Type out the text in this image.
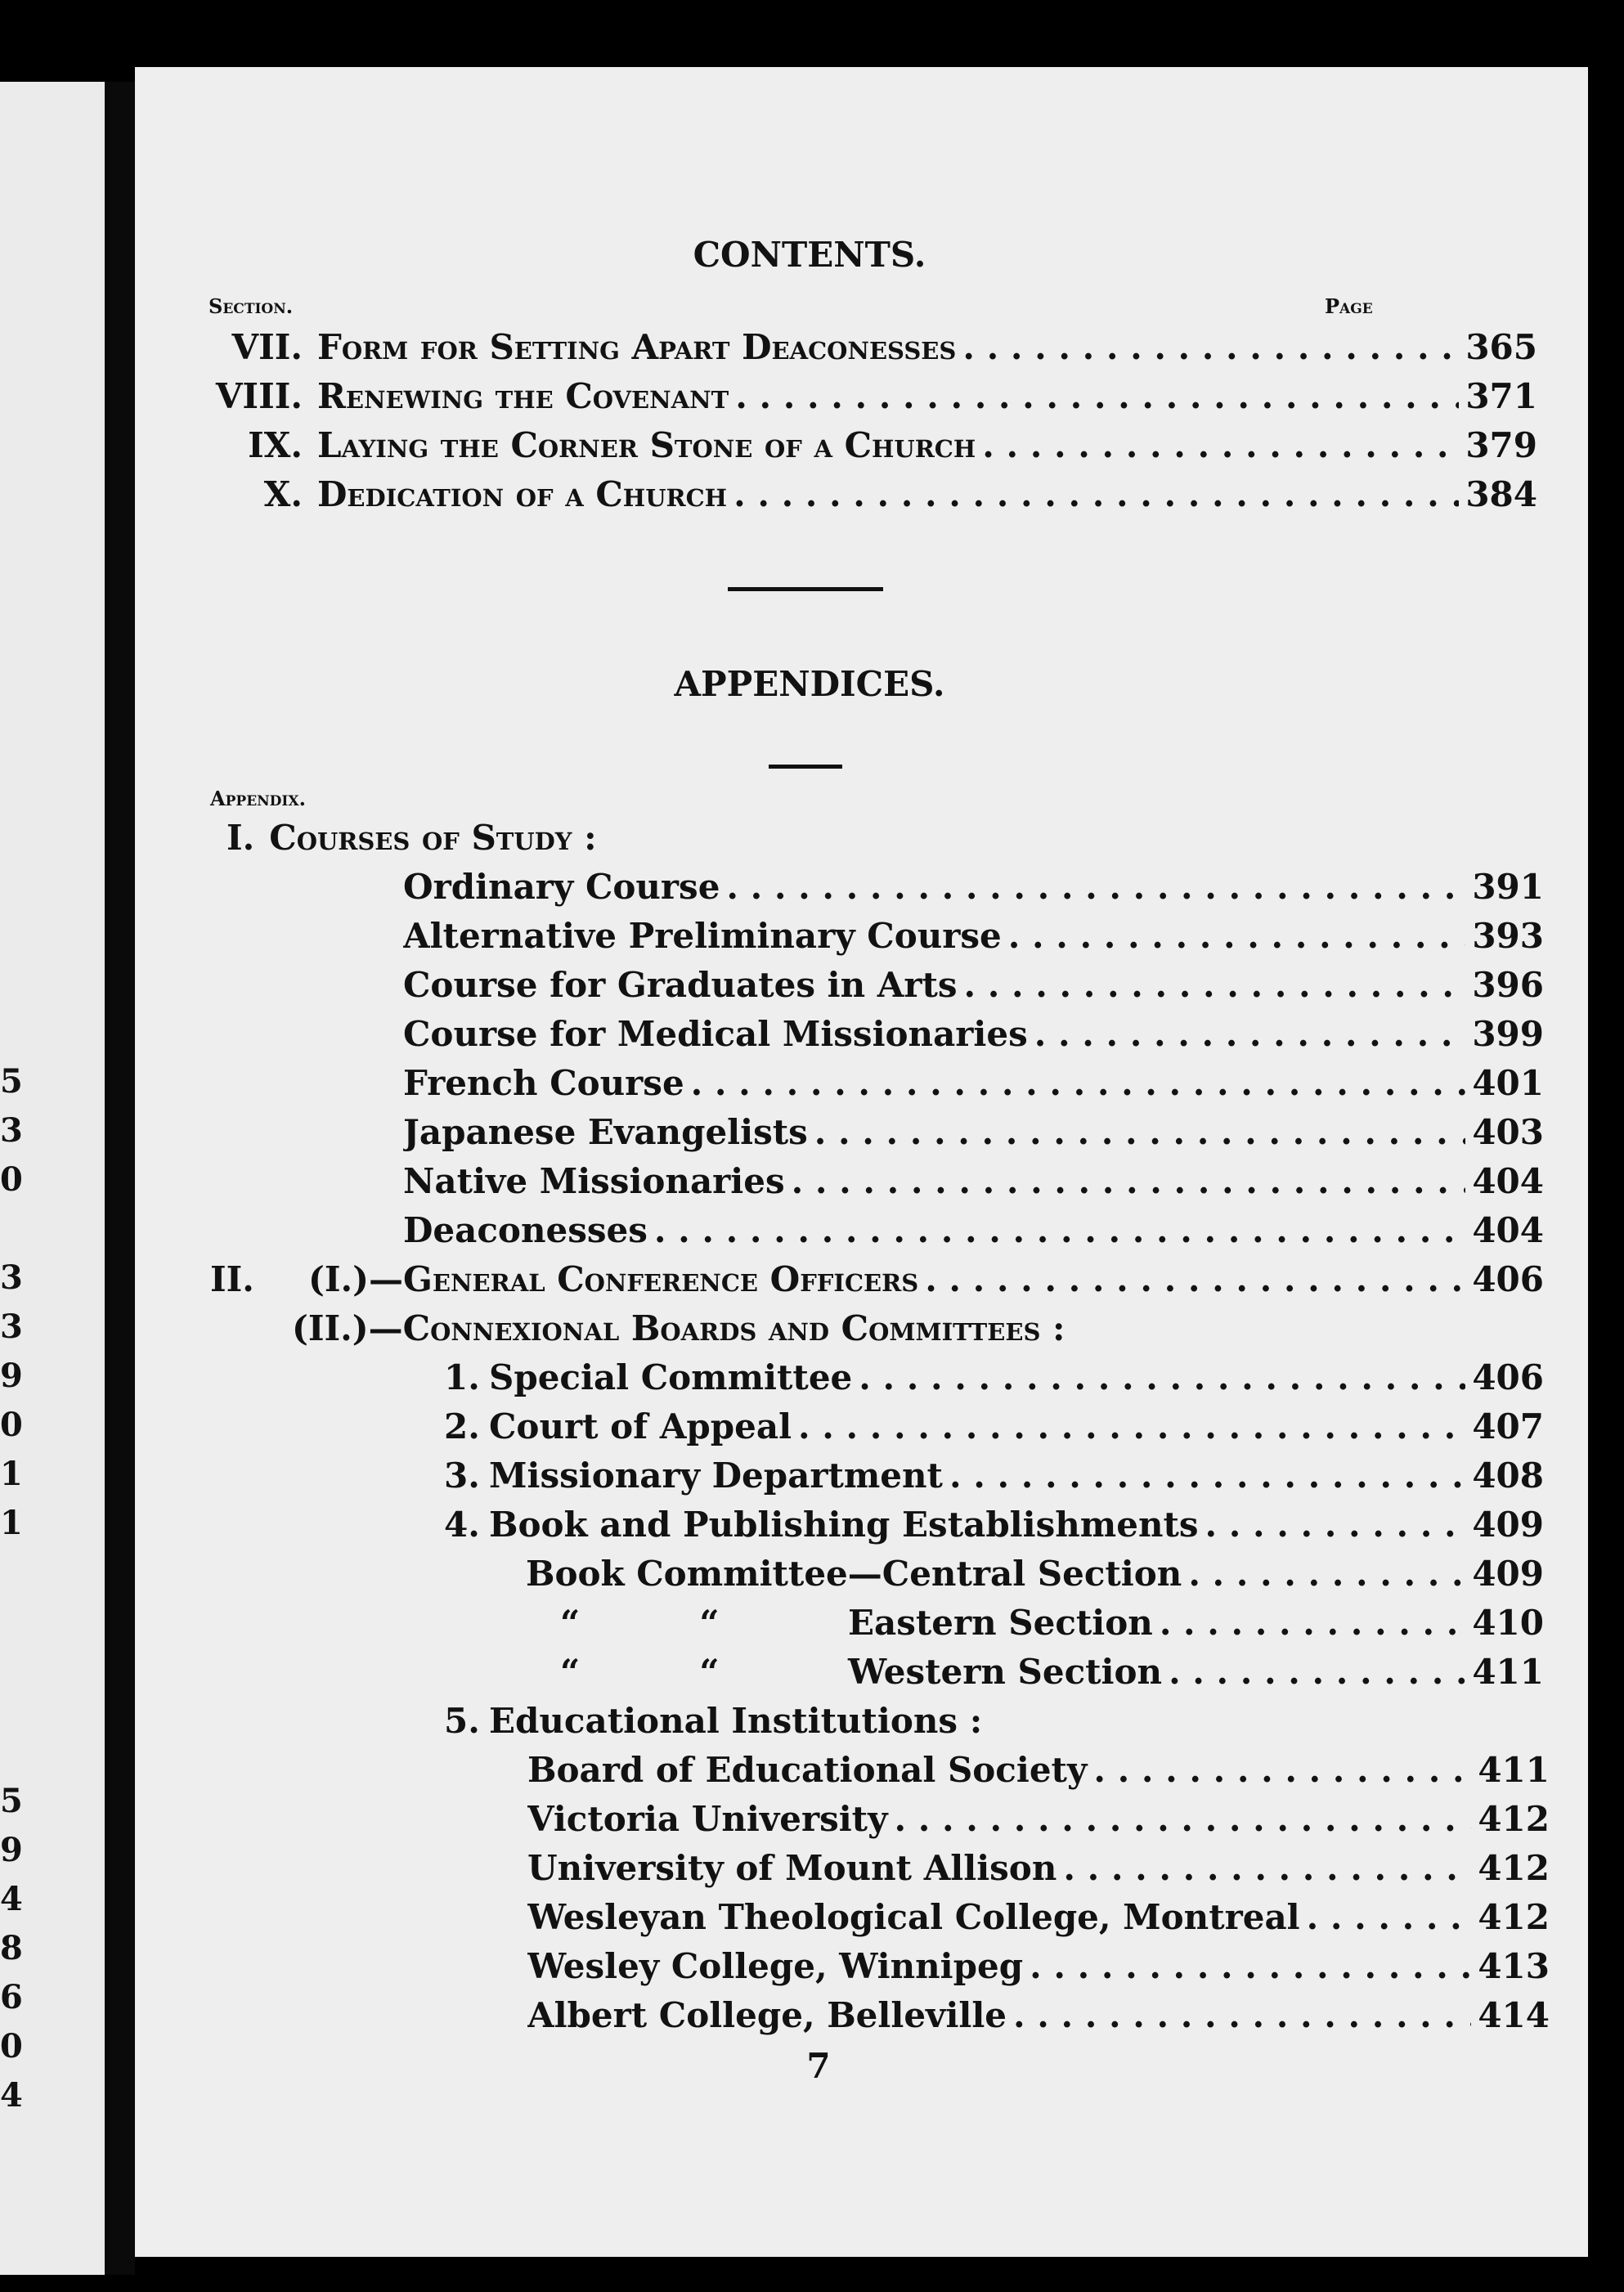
5
3
0
3
3
9
0
1
1
5
9
4
8
6
0
4
CONTENTS.
Section.	Page
VII. Form for Setting Apart Deaconesses . . .	365
VIII. Renewing the Covenant . . .	371
IX. Laying the Corner Stone of a Church . . .	379
X. Dedication of a Church . . .	384
APPENDICES.
Appendix.
I. Courses of Study :
Ordinary Course . . .	391
Alternative Preliminary Course . . .	393
Course for Graduates in Arts . . .	396
Course for Medical Missionaries . . .	399
French Course . . .	401
Japanese Evangelists . . .	403
Native Missionaries . . .	404
Deaconesses . . .	404
II.	(I.)— General Conference Officers . . .	406
(II.)— Connexional Boards and Committees :
1. Special Committee . . .	406
2. Court of Appeal . . .	407
3. Missionary Department . . .	408
4. Book and Publishing Establishments . . .	409
Book Committee—Central Section . . .	409
“          “	Eastern Section . . .	410
“          “	Western Section . . .	411
5. Educational Institutions :
Board of Educational Society . . .	411
Victoria University . . .	412
University of Mount Allison . . .	412
Wesleyan Theological College, Montreal . . .	412
Wesley College, Winnipeg . . .	413
Albert College, Belleville . . .	414
7
